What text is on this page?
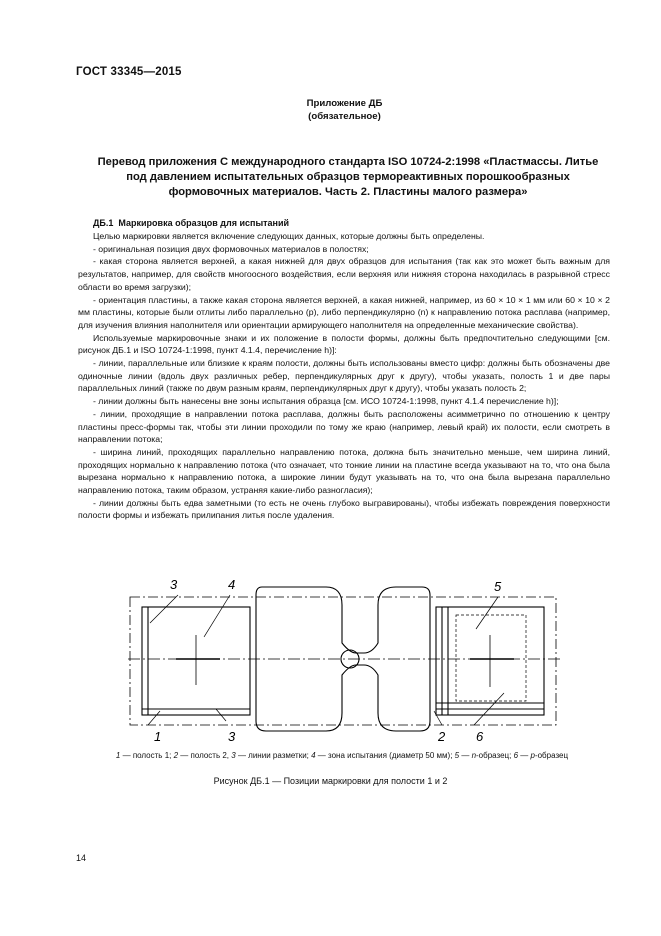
ГОСТ 33345—2015
Приложение ДБ
(обязательное)
Перевод приложения С международного стандарта ISO 10724-2:1998 «Пластмассы. Литье под давлением испытательных образцов термореактивных порошкообразных формовочных материалов. Часть 2. Пластины малого размера»
ДБ.1 Маркировка образцов для испытаний

Целью маркировки является включение следующих данных, которые должны быть определены.

- оригинальная позиция двух формовочных материалов в полостях;

- какая сторона является верхней, а какая нижней для двух образцов для испытания (так как это может быть важным для результатов, например, для свойств многоосного воздействия, если верхняя или нижняя сторона находилась в разрывной стресс области во время загрузки);

- ориентация пластины, а также какая сторона является верхней, а какая нижней, например, из 60 × 10 × 1 мм или 60 × 10 × 2 мм пластины, которые были отлиты либо параллельно (р), либо перпендикулярно (n) к направлению потока расплава (например, для изучения влияния наполнителя или ориентации армирующего наполнителя на определенные механические свойства).

Используемые маркировочные знаки и их положение в полости формы, должны быть предпочтительно следующими [см. рисунок ДБ.1 и ISO 10724-1:1998, пункт 4.1.4, перечисление h)]:

- линии, параллельные или близкие к краям полости, должны быть использованы вместо цифр: должны быть обозначены две одиночные линии (вдоль двух различных ребер, перпендикулярных друг к другу), чтобы указать, полость 1 и две пары параллельных линий (также по двум разным краям, перпендикулярных друг к другу), чтобы указать полость 2;

- линии должны быть нанесены вне зоны испытания образца [см. ИСО 10724-1:1998, пункт 4.1.4 перечисление h)];

- линии, проходящие в направлении потока расплава, должны быть расположены асимметрично по отношению к центру пластины пресс-формы так, чтобы эти линии проходили по тому же краю (например, левый край) их полости, если смотреть в направлении потока;

- ширина линий, проходящих параллельно направлению потока, должна быть значительно меньше, чем ширина линий, проходящих нормально к направлению потока (что означает, что тонкие линии на пластине всегда указывают на то, что она была вырезана нормально к направлению потока, а широкие линии будут указывать на то, что она была вырезана параллельно направлению потока, таким образом, устраняя какие-либо разногласия);

- линии должны быть едва заметными (то есть не очень глубоко выгравированы), чтобы избежать повреждения поверхности полости формы и избежать прилипания литья после удаления.

3	4	5
1	3	2 6
1 — полость 1; 2 — полость 2, 3 — линии разметки; 4 — зона испытания (диаметр 50 мм); 5 — n-образец; 6 — p-образец
Рисунок ДБ.1 — Позиции маркировки для полости 1 и 2
14
